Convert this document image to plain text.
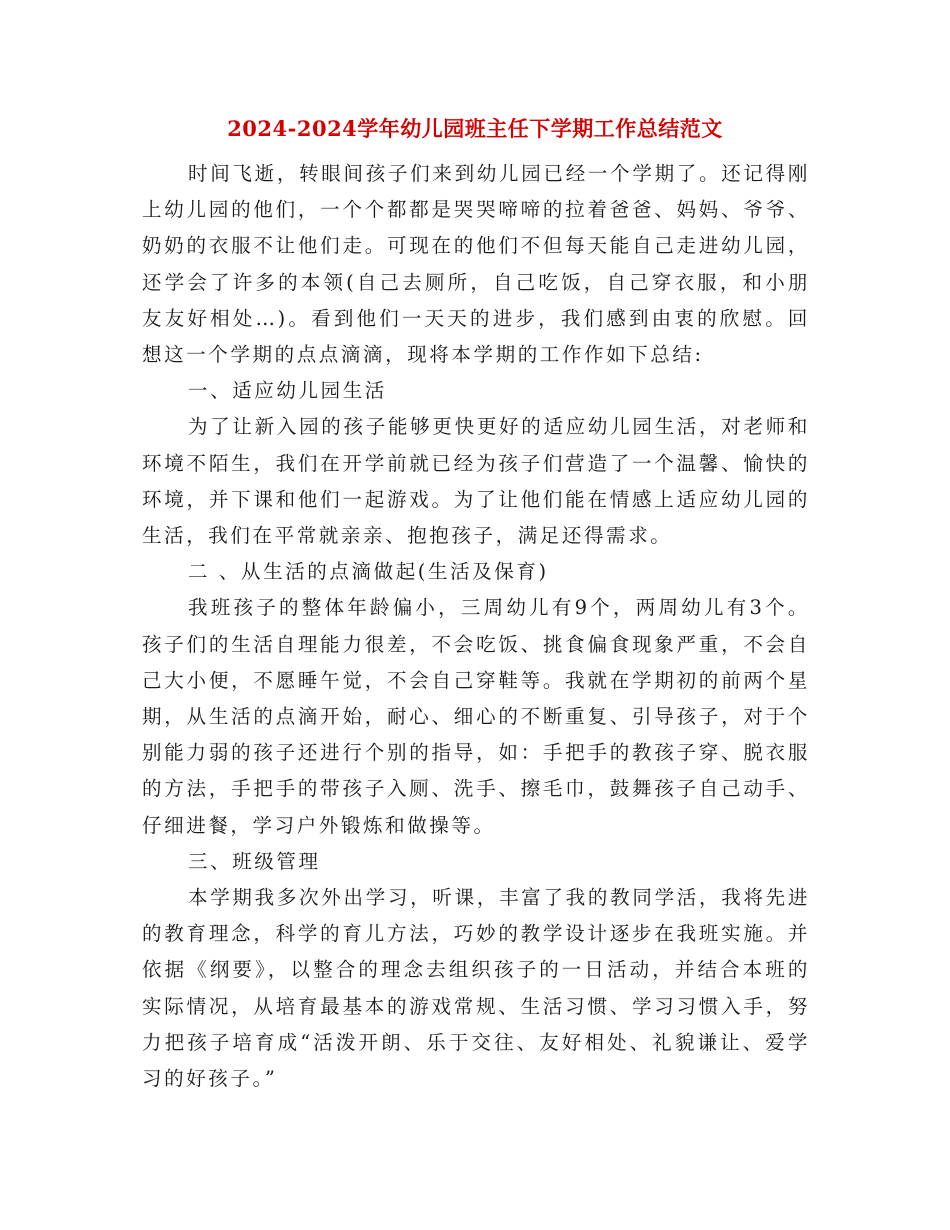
2024-2024学年幼儿园班主任下学期工作总结范文

时间飞逝，转眼间孩子们来到幼儿园已经一个学期了。还记得刚上幼儿园的他们，一个个都都是哭哭啼啼的拉着爸爸、妈妈、爷爷、奶奶的衣服不让他们走。可现在的他们不但每天能自己走进幼儿园，还学会了许多的本领(自己去厕所，自己吃饭，自己穿衣服，和小朋友友好相处…)。看到他们一天天的进步，我们感到由衷的欣慰。回想这一个学期的点点滴滴，现将本学期的工作作如下总结:

一、适应幼儿园生活

为了让新入园的孩子能够更快更好的适应幼儿园生活，对老师和环境不陌生，我们在开学前就已经为孩子们营造了一个温馨、愉快的环境，并下课和他们一起游戏。为了让他们能在情感上适应幼儿园的生活，我们在平常就亲亲、抱抱孩子，满足还得需求。

二 、从生活的点滴做起(生活及保育)

我班孩子的整体年龄偏小，三周幼儿有9个，两周幼儿有3个。孩子们的生活自理能力很差，不会吃饭、挑食偏食现象严重，不会自己大小便，不愿睡午觉，不会自己穿鞋等。我就在学期初的前两个星期，从生活的点滴开始，耐心、细心的不断重复、引导孩子，对于个别能力弱的孩子还进行个别的指导，如：手把手的教孩子穿、脱衣服的方法，手把手的带孩子入厕、洗手、擦毛巾，鼓舞孩子自己动手、仔细进餐，学习户外锻炼和做操等。

三、班级管理

本学期我多次外出学习，听课，丰富了我的教同学活，我将先进的教育理念，科学的育儿方法，巧妙的教学设计逐步在我班实施。并依据《纲要》，以整合的理念去组织孩子的一日活动，并结合本班的实际情况，从培育最基本的游戏常规、生活习惯、学习习惯入手，努力把孩子培育成“活泼开朗、乐于交往、友好相处、礼貌谦让、爱学习的好孩子。”
